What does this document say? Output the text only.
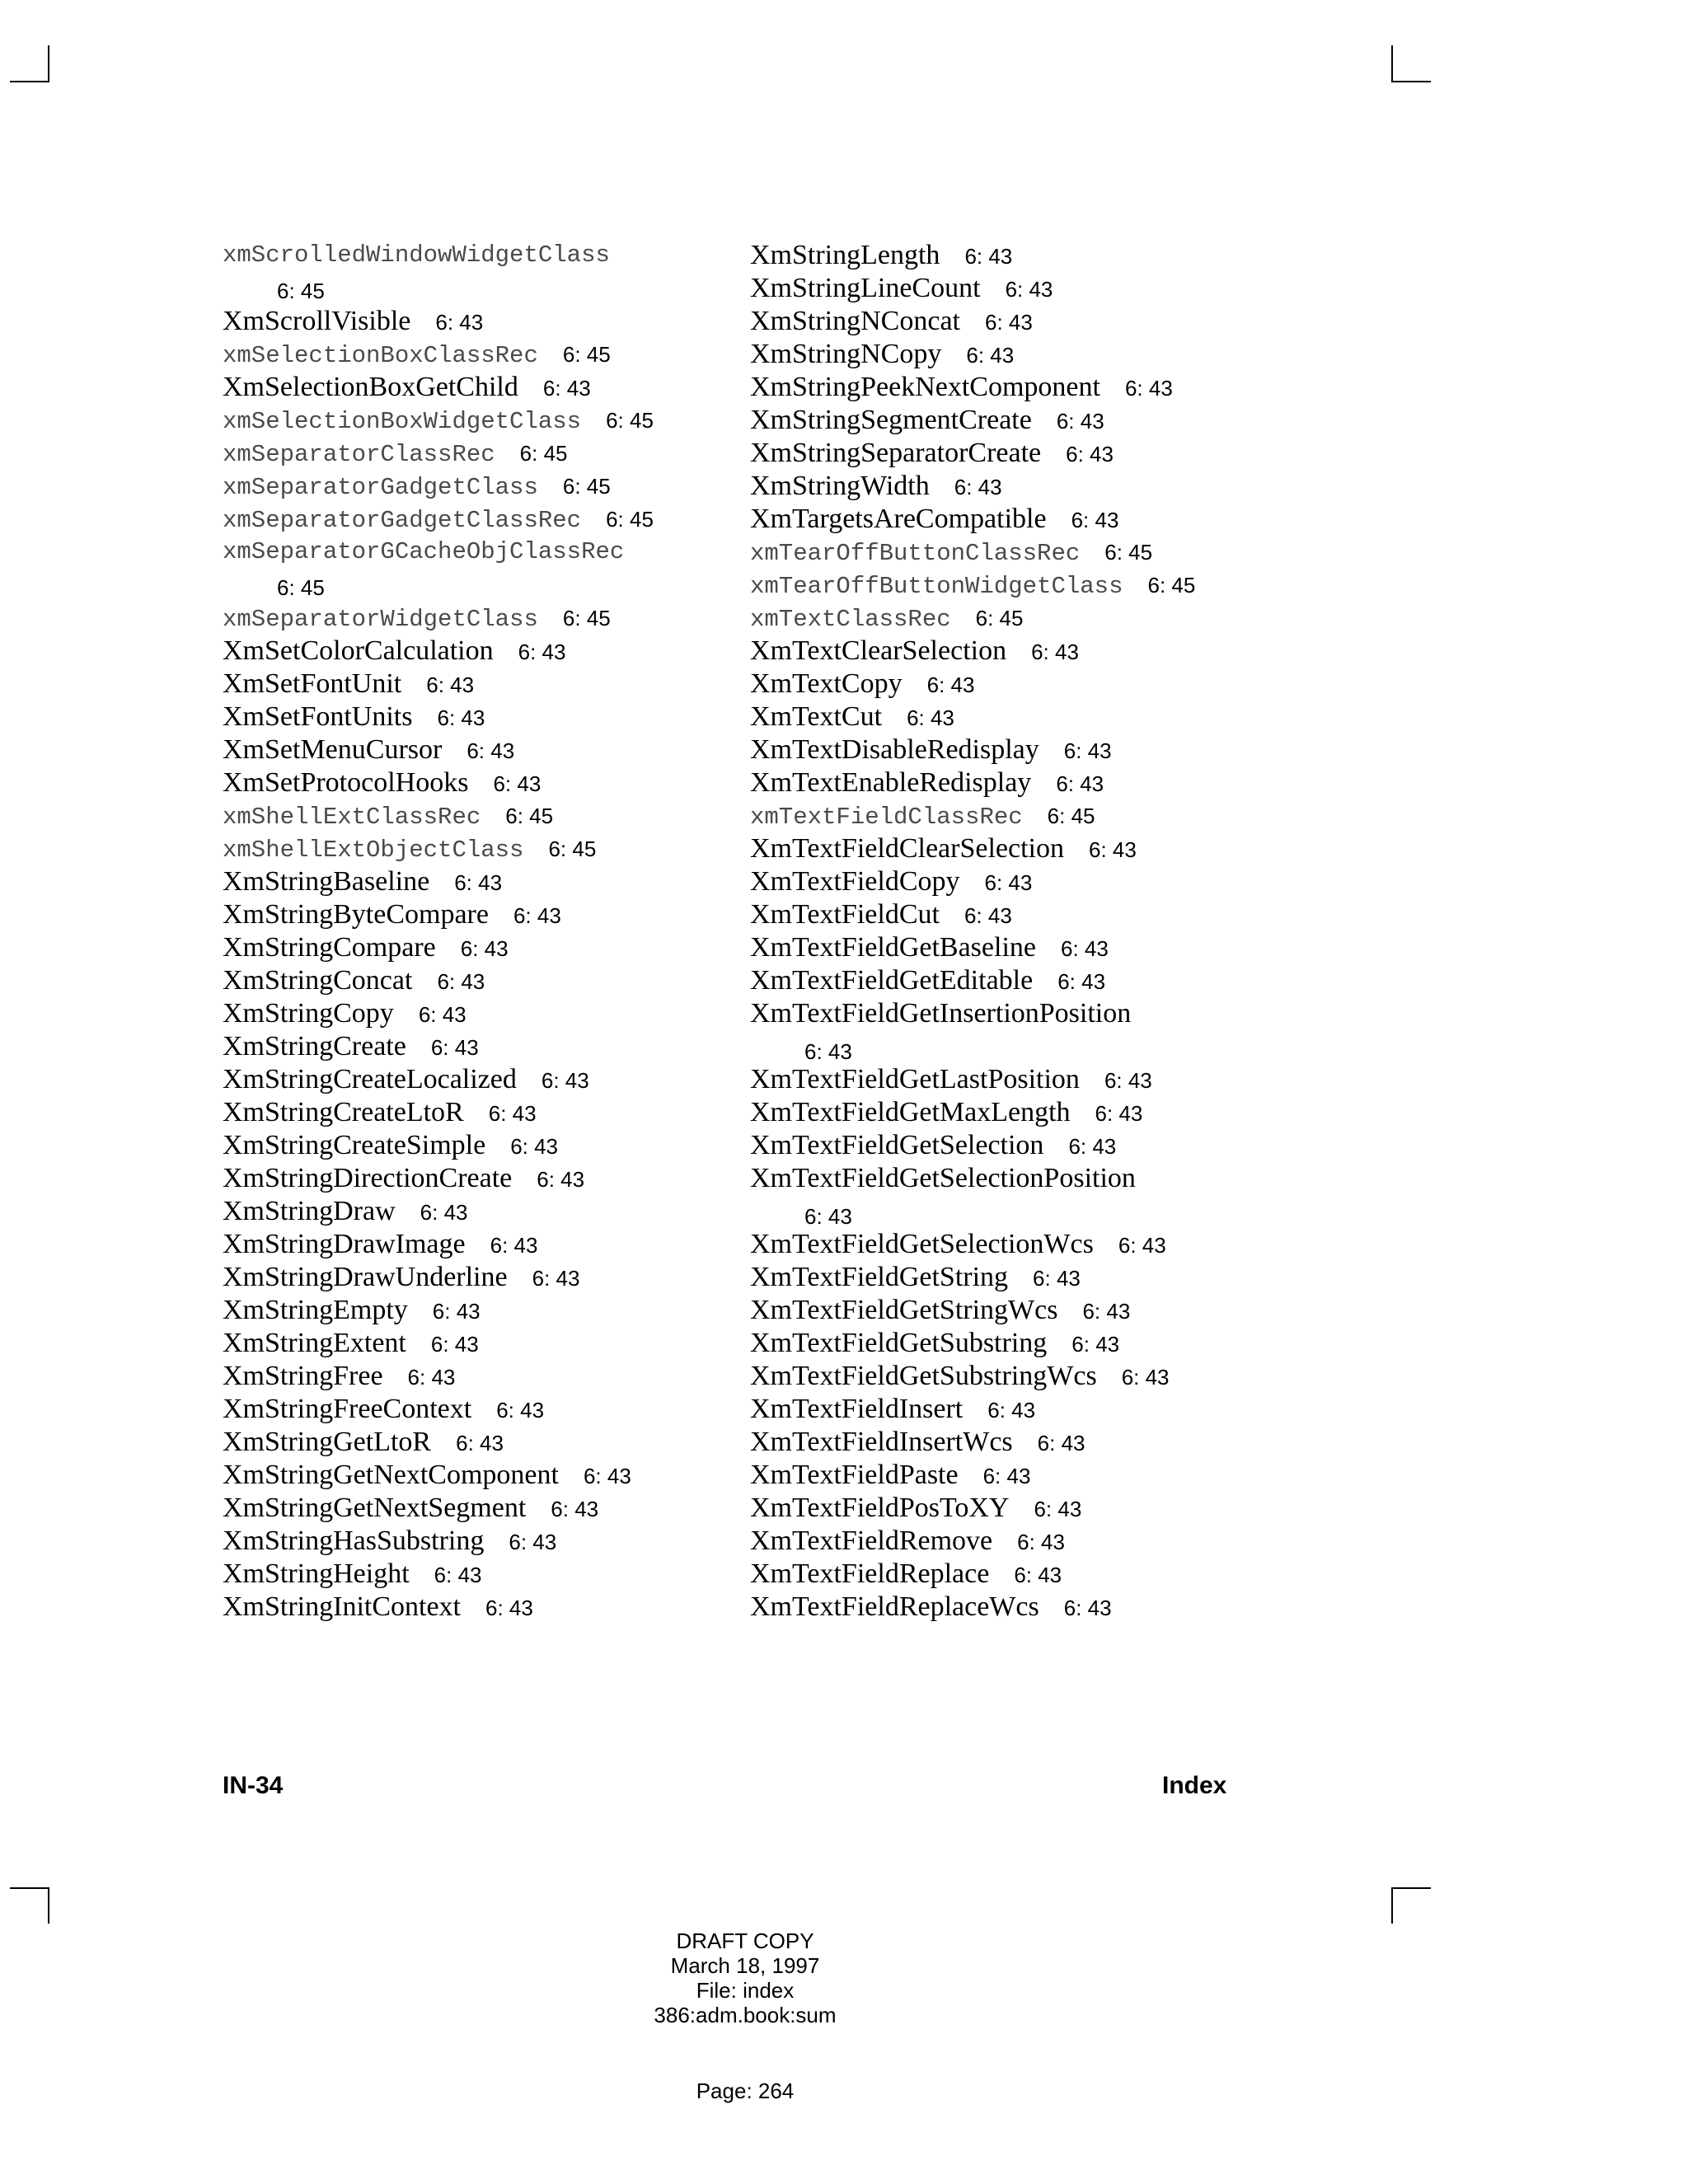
xmScrolledWindowWidgetClass
6: 45
XmScrollVisible 6: 43
xmSelectionBoxClassRec 6: 45
XmSelectionBoxGetChild 6: 43
xmSelectionBoxWidgetClass 6: 45
xmSeparatorClassRec 6: 45
xmSeparatorGadgetClass 6: 45
xmSeparatorGadgetClassRec 6: 45
xmSeparatorGCacheObjClassRec
6: 45
xmSeparatorWidgetClass 6: 45
XmSetColorCalculation 6: 43
XmSetFontUnit 6: 43
XmSetFontUnits 6: 43
XmSetMenuCursor 6: 43
XmSetProtocolHooks 6: 43
xmShellExtClassRec 6: 45
xmShellExtObjectClass 6: 45
XmStringBaseline 6: 43
XmStringByteCompare 6: 43
XmStringCompare 6: 43
XmStringConcat 6: 43
XmStringCopy 6: 43
XmStringCreate 6: 43
XmStringCreateLocalized 6: 43
XmStringCreateLtoR 6: 43
XmStringCreateSimple 6: 43
XmStringDirectionCreate 6: 43
XmStringDraw 6: 43
XmStringDrawImage 6: 43
XmStringDrawUnderline 6: 43
XmStringEmpty 6: 43
XmStringExtent 6: 43
XmStringFree 6: 43
XmStringFreeContext 6: 43
XmStringGetLtoR 6: 43
XmStringGetNextComponent 6: 43
XmStringGetNextSegment 6: 43
XmStringHasSubstring 6: 43
XmStringHeight 6: 43
XmStringInitContext 6: 43
XmStringLength 6: 43
XmStringLineCount 6: 43
XmStringNConcat 6: 43
XmStringNCopy 6: 43
XmStringPeekNextComponent 6: 43
XmStringSegmentCreate 6: 43
XmStringSeparatorCreate 6: 43
XmStringWidth 6: 43
XmTargetsAreCompatible 6: 43
xmTearOffButtonClassRec 6: 45
xmTearOffButtonWidgetClass 6: 45
xmTextClassRec 6: 45
XmTextClearSelection 6: 43
XmTextCopy 6: 43
XmTextCut 6: 43
XmTextDisableRedisplay 6: 43
XmTextEnableRedisplay 6: 43
xmTextFieldClassRec 6: 45
XmTextFieldClearSelection 6: 43
XmTextFieldCopy 6: 43
XmTextFieldCut 6: 43
XmTextFieldGetBaseline 6: 43
XmTextFieldGetEditable 6: 43
XmTextFieldGetInsertionPosition
6: 43
XmTextFieldGetLastPosition 6: 43
XmTextFieldGetMaxLength 6: 43
XmTextFieldGetSelection 6: 43
XmTextFieldGetSelectionPosition
6: 43
XmTextFieldGetSelectionWcs 6: 43
XmTextFieldGetString 6: 43
XmTextFieldGetStringWcs 6: 43
XmTextFieldGetSubstring 6: 43
XmTextFieldGetSubstringWcs 6: 43
XmTextFieldInsert 6: 43
XmTextFieldInsertWcs 6: 43
XmTextFieldPaste 6: 43
XmTextFieldPosToXY 6: 43
XmTextFieldRemove 6: 43
XmTextFieldReplace 6: 43
XmTextFieldReplaceWcs 6: 43
IN-34	Index
DRAFT COPY
March 18, 1997
File: index
386:adm.book:sum
Page: 264
